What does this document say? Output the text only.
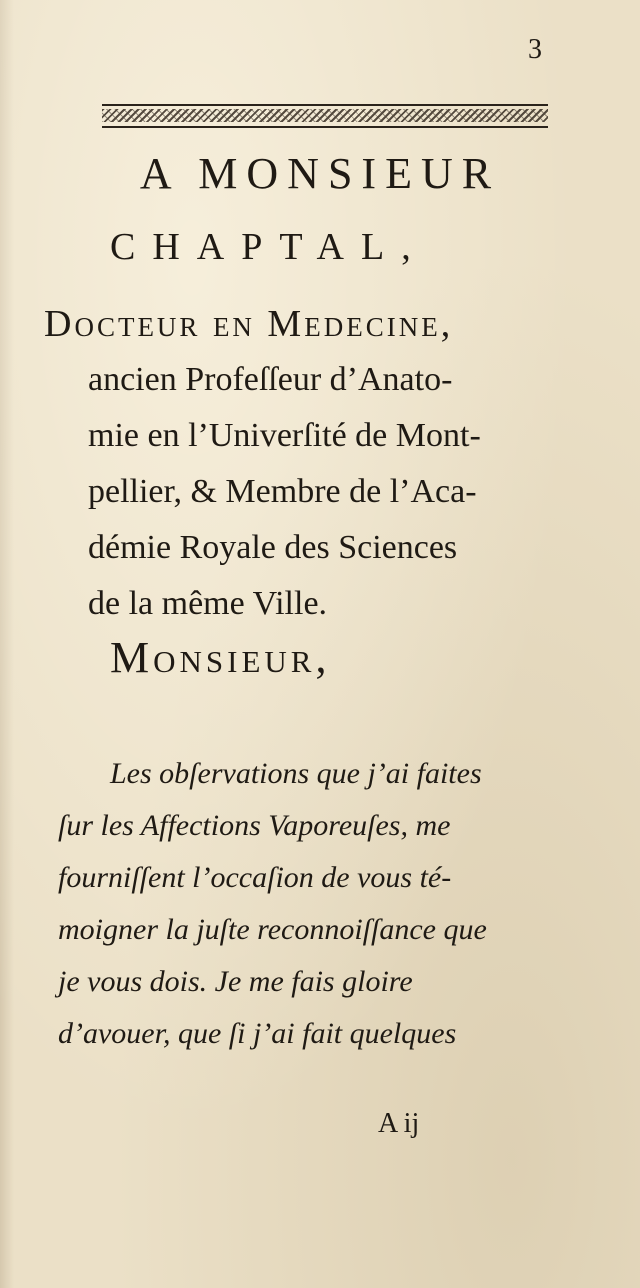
3
A MONSIEUR
CHAPTAL,
Docteur en Medecine,
ancien Profeſſeur d’Anato-
mie en l’Univerſité de Mont-
pellier, & Membre de l’Aca-
démie Royale des Sciences
de la même Ville.
Monsieur,
Les obſervations que j’ai faites
ſur les Affections Vaporeuſes, me
fourniſſent l’occaſion de vous té-
moigner la juſte reconnoiſſance que
je vous dois. Je me fais gloire
d’avouer, que ſi j’ai fait quelques
A ij
